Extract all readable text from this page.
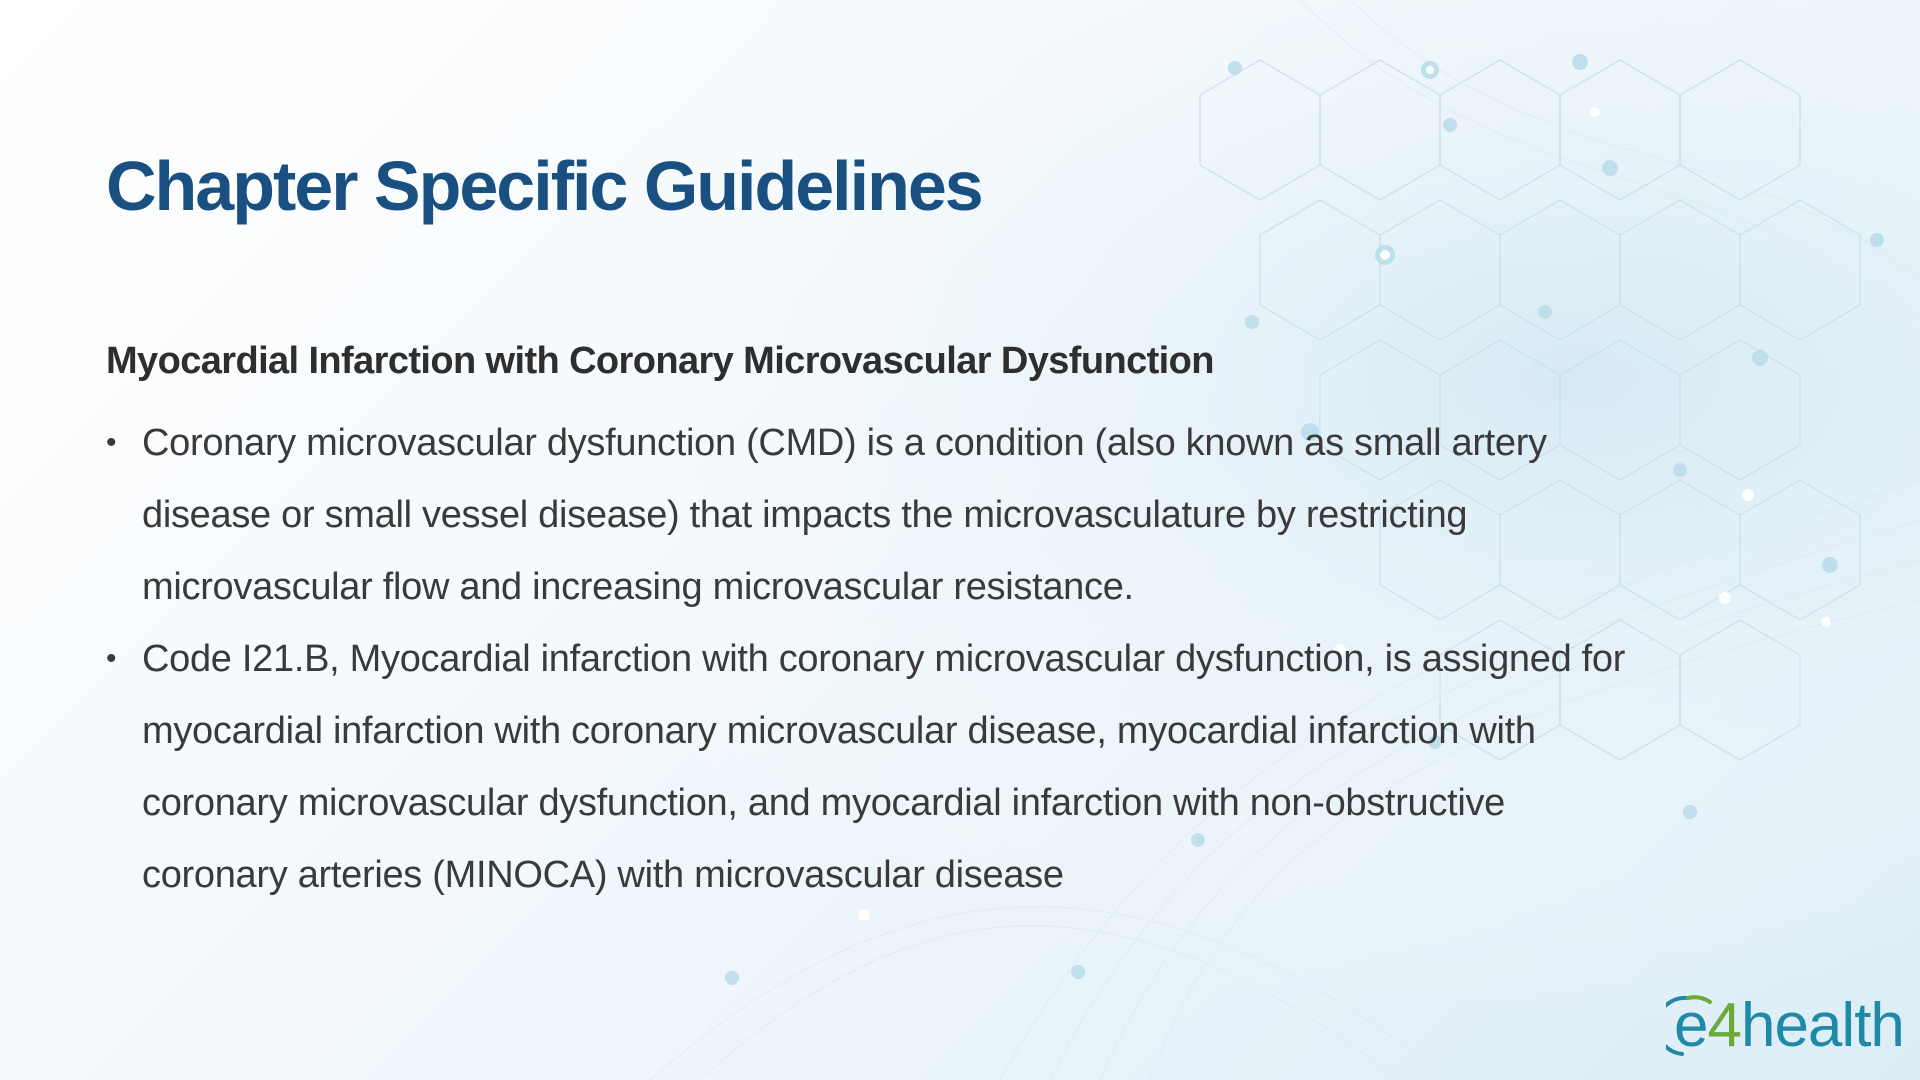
Chapter Specific Guidelines
Myocardial Infarction with Coronary Microvascular Dysfunction
• Coronary microvascular dysfunction (CMD) is a condition (also known as small artery
disease or small vessel disease) that impacts the microvasculature by restricting
microvascular flow and increasing microvascular resistance.
• Code I21.B, Myocardial infarction with coronary microvascular dysfunction, is assigned for
myocardial infarction with coronary microvascular disease, myocardial infarction with
coronary microvascular dysfunction, and myocardial infarction with non-obstructive
coronary arteries (MINOCA) with microvascular disease
e4health
